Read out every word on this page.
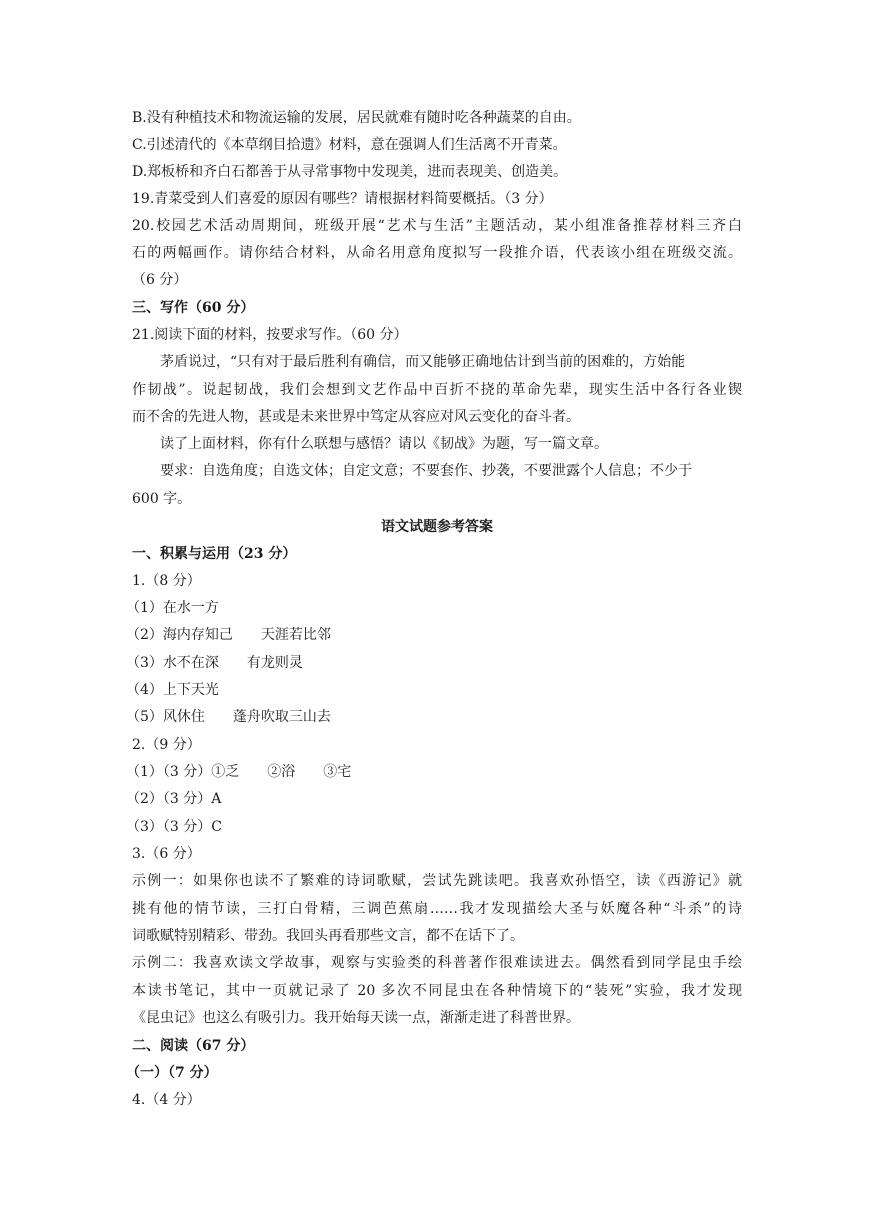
B.没有种植技术和物流运输的发展，居民就难有随时吃各种蔬菜的自由。
C.引述清代的《本草纲目拾遗》材料，意在强调人们生活离不开青菜。
D.郑板桥和齐白石都善于从寻常事物中发现美，进而表现美、创造美。
19.青菜受到人们喜爱的原因有哪些？请根据材料简要概括。（3 分）
20.校园艺术活动周期间，班级开展“艺术与生活”主题活动，某小组准备推荐材料三齐白
石的两幅画作。请你结合材料，从命名用意角度拟写一段推介语，代表该小组在班级交流。
（6 分）
三、写作（60 分）
21.阅读下面的材料，按要求写作。（60 分）
茅盾说过，“只有对于最后胜利有确信，而又能够正确地估计到当前的困难的，方始能
作韧战”。说起韧战，我们会想到文艺作品中百折不挠的革命先辈，现实生活中各行各业锲
而不舍的先进人物，甚或是未来世界中笃定从容应对风云变化的奋斗者。
读了上面材料，你有什么联想与感悟？请以《韧战》为题，写一篇文章。
要求：自选角度；自选文体；自定文意；不要套作、抄袭，不要泄露个人信息；不少于
600 字。
语文试题参考答案
一、积累与运用（23 分）
1.（8 分）
（1）在水一方
（2）海内存知己　　天涯若比邻
（3）水不在深　　有龙则灵
（4）上下天光
（5）风休住　　蓬舟吹取三山去
2.（9 分）
（1）（3 分）①乏　　②浴　　③宅
（2）（3 分）A
（3）（3 分）C
3.（6 分）
示例一：如果你也读不了繁难的诗词歌赋，尝试先跳读吧。我喜欢孙悟空，读《西游记》就
挑有他的情节读，三打白骨精，三调芭蕉扇……我才发现描绘大圣与妖魔各种“斗杀”的诗
词歌赋特别精彩、带劲。我回头再看那些文言，都不在话下了。
示例二：我喜欢读文学故事，观察与实验类的科普著作很难读进去。偶然看到同学昆虫手绘
本读书笔记，其中一页就记录了 20 多次不同昆虫在各种情境下的“装死”实验，我才发现
《昆虫记》也这么有吸引力。我开始每天读一点，渐渐走进了科普世界。
二、阅读（67 分）
（一）（7 分）
4.（4 分）
